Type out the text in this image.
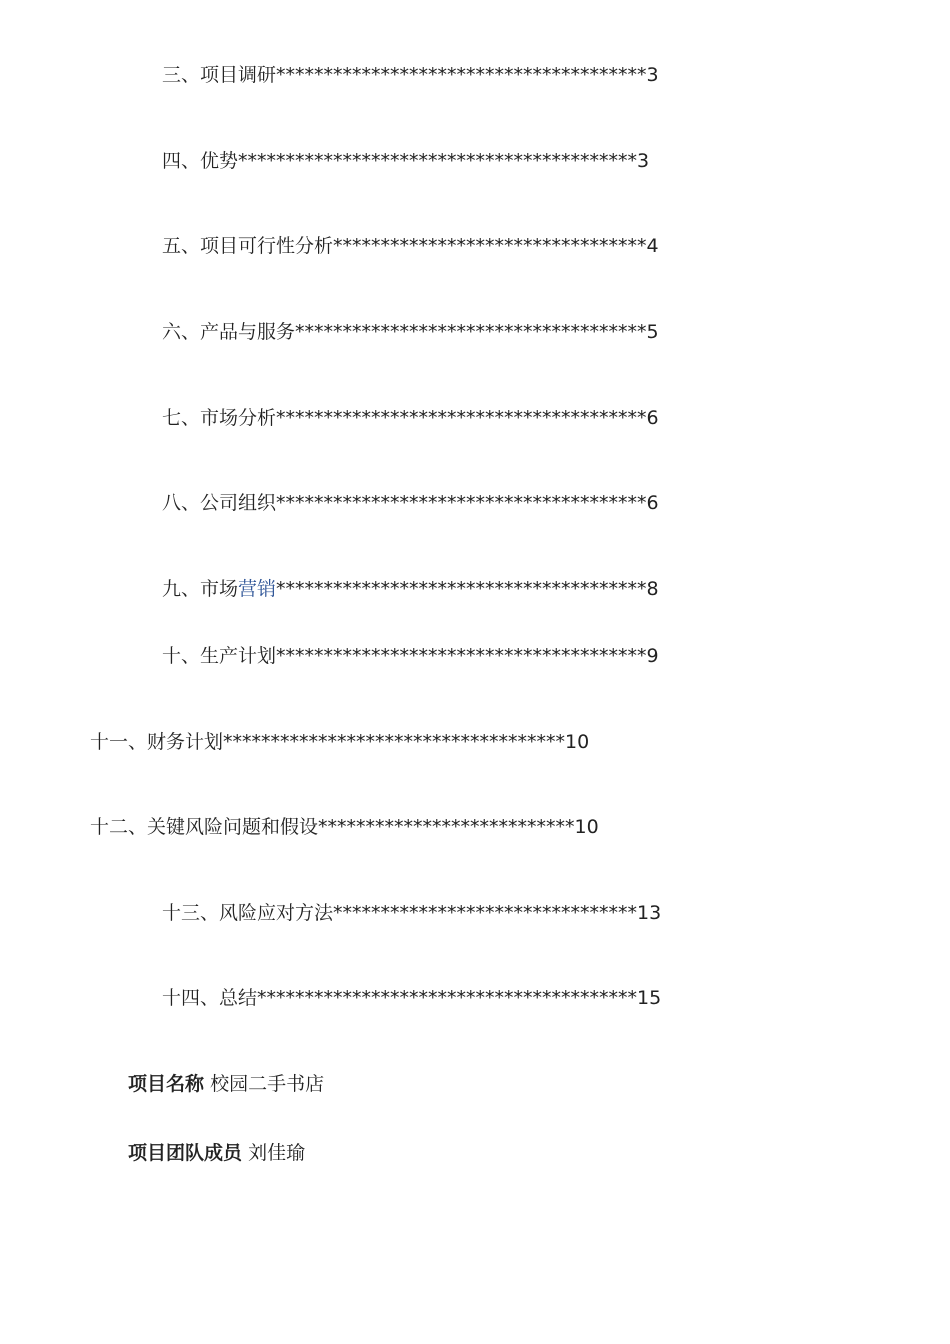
三、项目调研***************************************3
四、优势******************************************3
五、项目可行性分析*********************************4
六、产品与服务*************************************5
七、市场分析***************************************6
八、公司组织***************************************6
九、市场营销***************************************8
十、生产计划***************************************9
十一、财务计划************************************10
十二、关键风险问题和假设***************************10
十三、风险应对方法********************************13
十四、总结****************************************15
项目名称 校园二手书店
项目团队成员 刘佳瑜
